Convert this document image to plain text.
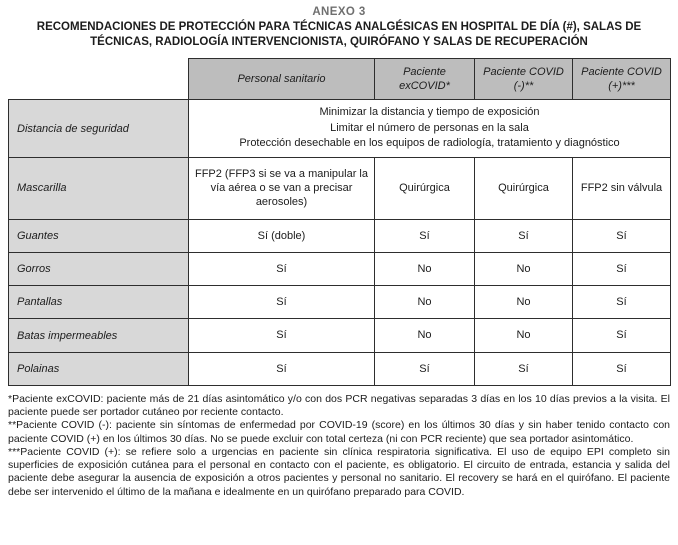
ANEXO 3
RECOMENDACIONES DE PROTECCIÓN PARA TÉCNICAS ANALGÉSICAS EN HOSPITAL DE DÍA (#), SALAS DE TÉCNICAS, RADIOLOGÍA INTERVENCIONISTA, QUIRÓFANO Y SALAS DE RECUPERACIÓN
	Personal sanitario	Paciente exCOVID*	Paciente COVID (-)**	Paciente COVID (+)***
Distancia de seguridad	Minimizar la distancia y tiempo de exposición
Limitar el número de personas en la sala
Protección desechable en los equipos de radiología, tratamiento y diagnóstico			

Mascarilla	FFP2 (FFP3 si se va a manipular la vía aérea o se van a precisar aerosoles)	Quirúrgica	Quirúrgica	FFP2 sin válvula
Guantes	Sí (doble)	Sí	Sí	Sí
Gorros	Sí	No	No	Sí
Pantallas	Sí	No	No	Sí
Batas impermeables	Sí	No	No	Sí
Polainas	Sí	Sí	Sí	Sí

*Paciente exCOVID: paciente más de 21 días asintomático y/o con dos PCR negativas separadas 3 días en los 10 días previos a la visita. El paciente puede ser portador cutáneo por reciente contacto.

**Paciente COVID (-): paciente sin síntomas de enfermedad por COVID-19 (score) en los últimos 30 días y sin haber tenido contacto con paciente COVID (+) en los últimos 30 días. No se puede excluir con total certeza (ni con PCR reciente) que sea portador asintomático.

***Paciente COVID (+): se refiere solo a urgencias en paciente sin clínica respiratoria significativa. El uso de equipo EPI completo sin superficies de exposición cutánea para el personal en contacto con el paciente, es obligatorio. El circuito de entrada, estancia y salida del paciente debe asegurar la ausencia de exposición a otros pacientes y personal no sanitario. El recovery se hará en el quirófano. El paciente debe ser intervenido el último de la mañana e idealmente en un quirófano preparado para COVID.
